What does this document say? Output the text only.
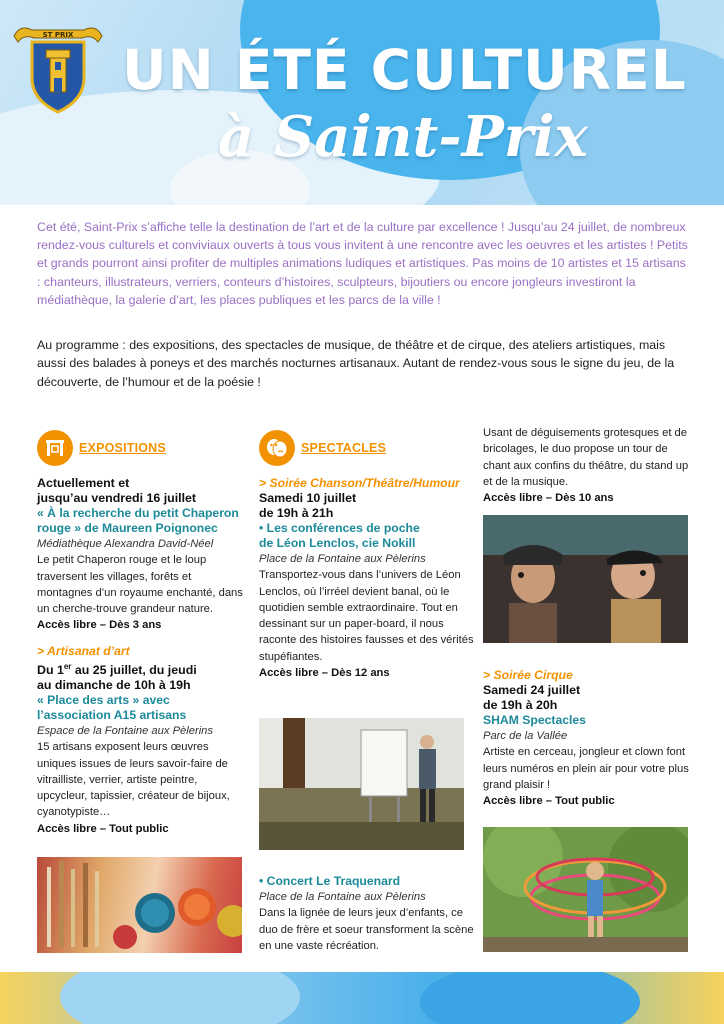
ST PRIX
UN ÉTÉ CULTUREL
à Saint-Prix
Cet été, Saint-Prix s’affiche telle la destination de l’art et de la culture par excellence ! Jusqu’au 24 juillet, de nombreux rendez-vous culturels et conviviaux ouverts à tous vous invitent à une rencontre avec les oeuvres et les artistes ! Petits et grands pourront ainsi profiter de multiples animations ludiques et artistiques. Pas moins de 10 artistes et 15 artisans : chanteurs, illustrateurs, verriers, conteurs d’histoires, sculpteurs, bijoutiers ou encore jongleurs investiront la médiathèque, la galerie d’art, les places publiques et les parcs de la ville !
Au programme : des expositions, des spectacles de musique, de théâtre et de cirque, des ateliers artistiques, mais aussi des balades à poneys et des marchés nocturnes artisanaux. Autant de rendez-vous sous le signe du jeu, de la découverte, de l’humour et de la poésie !
EXPOSITIONS
Actuellement et
jusqu’au vendredi 16 juillet
« À la recherche du petit Chaperon
rouge » de Maureen Poignonec
Médiathèque Alexandra David-Néel
Le petit Chaperon rouge et le loup traversent les villages, forêts et montagnes d’un royaume enchanté, dans un cherche-trouve grandeur nature.
Accès libre – Dès 3 ans
> Artisanat d’art
Du 1er au 25 juillet, du jeudi
au dimanche de 10h à 19h
« Place des arts » avec
l’association A15 artisans
Espace de la Fontaine aux Pèlerins
15 artisans exposent leurs œuvres uniques issues de leurs savoir-faire de vitrailliste, verrier, artiste peintre, upcycleur, tapissier, créateur de bijoux, cyanotypiste…
Accès libre – Tout public
SPECTACLES
> Soirée Chanson/Théâtre/Humour
Samedi 10 juillet
de 19h à 21h
• Les conférences de poche
de Léon Lenclos, cie Nokill
Place de la Fontaine aux Pèlerins
Transportez-vous dans l’univers de Léon Lenclos, où l’irréel devient banal, où le quotidien semble extraordinaire. Tout en dessinant sur un paper-board, il nous raconte des histoires fausses et des vérités stupéfiantes.
Accès libre – Dès 12 ans
• Concert Le Traquenard
Place de la Fontaine aux Pèlerins
Dans la lignée de leurs jeux d’enfants, ce duo de frère et soeur transforment la scène en une vaste récréation.
Usant de déguisements grotesques et de bricolages, le duo propose un tour de chant aux confins du théâtre, du stand up et de la musique.
Accès libre – Dès 10 ans
> Soirée Cirque
Samedi 24 juillet
de 19h à 20h
SHAM Spectacles
Parc de la Vallée
Artiste en cerceau, jongleur et clown font leurs numéros en plein air pour votre plus grand plaisir !
Accès libre – Tout public
